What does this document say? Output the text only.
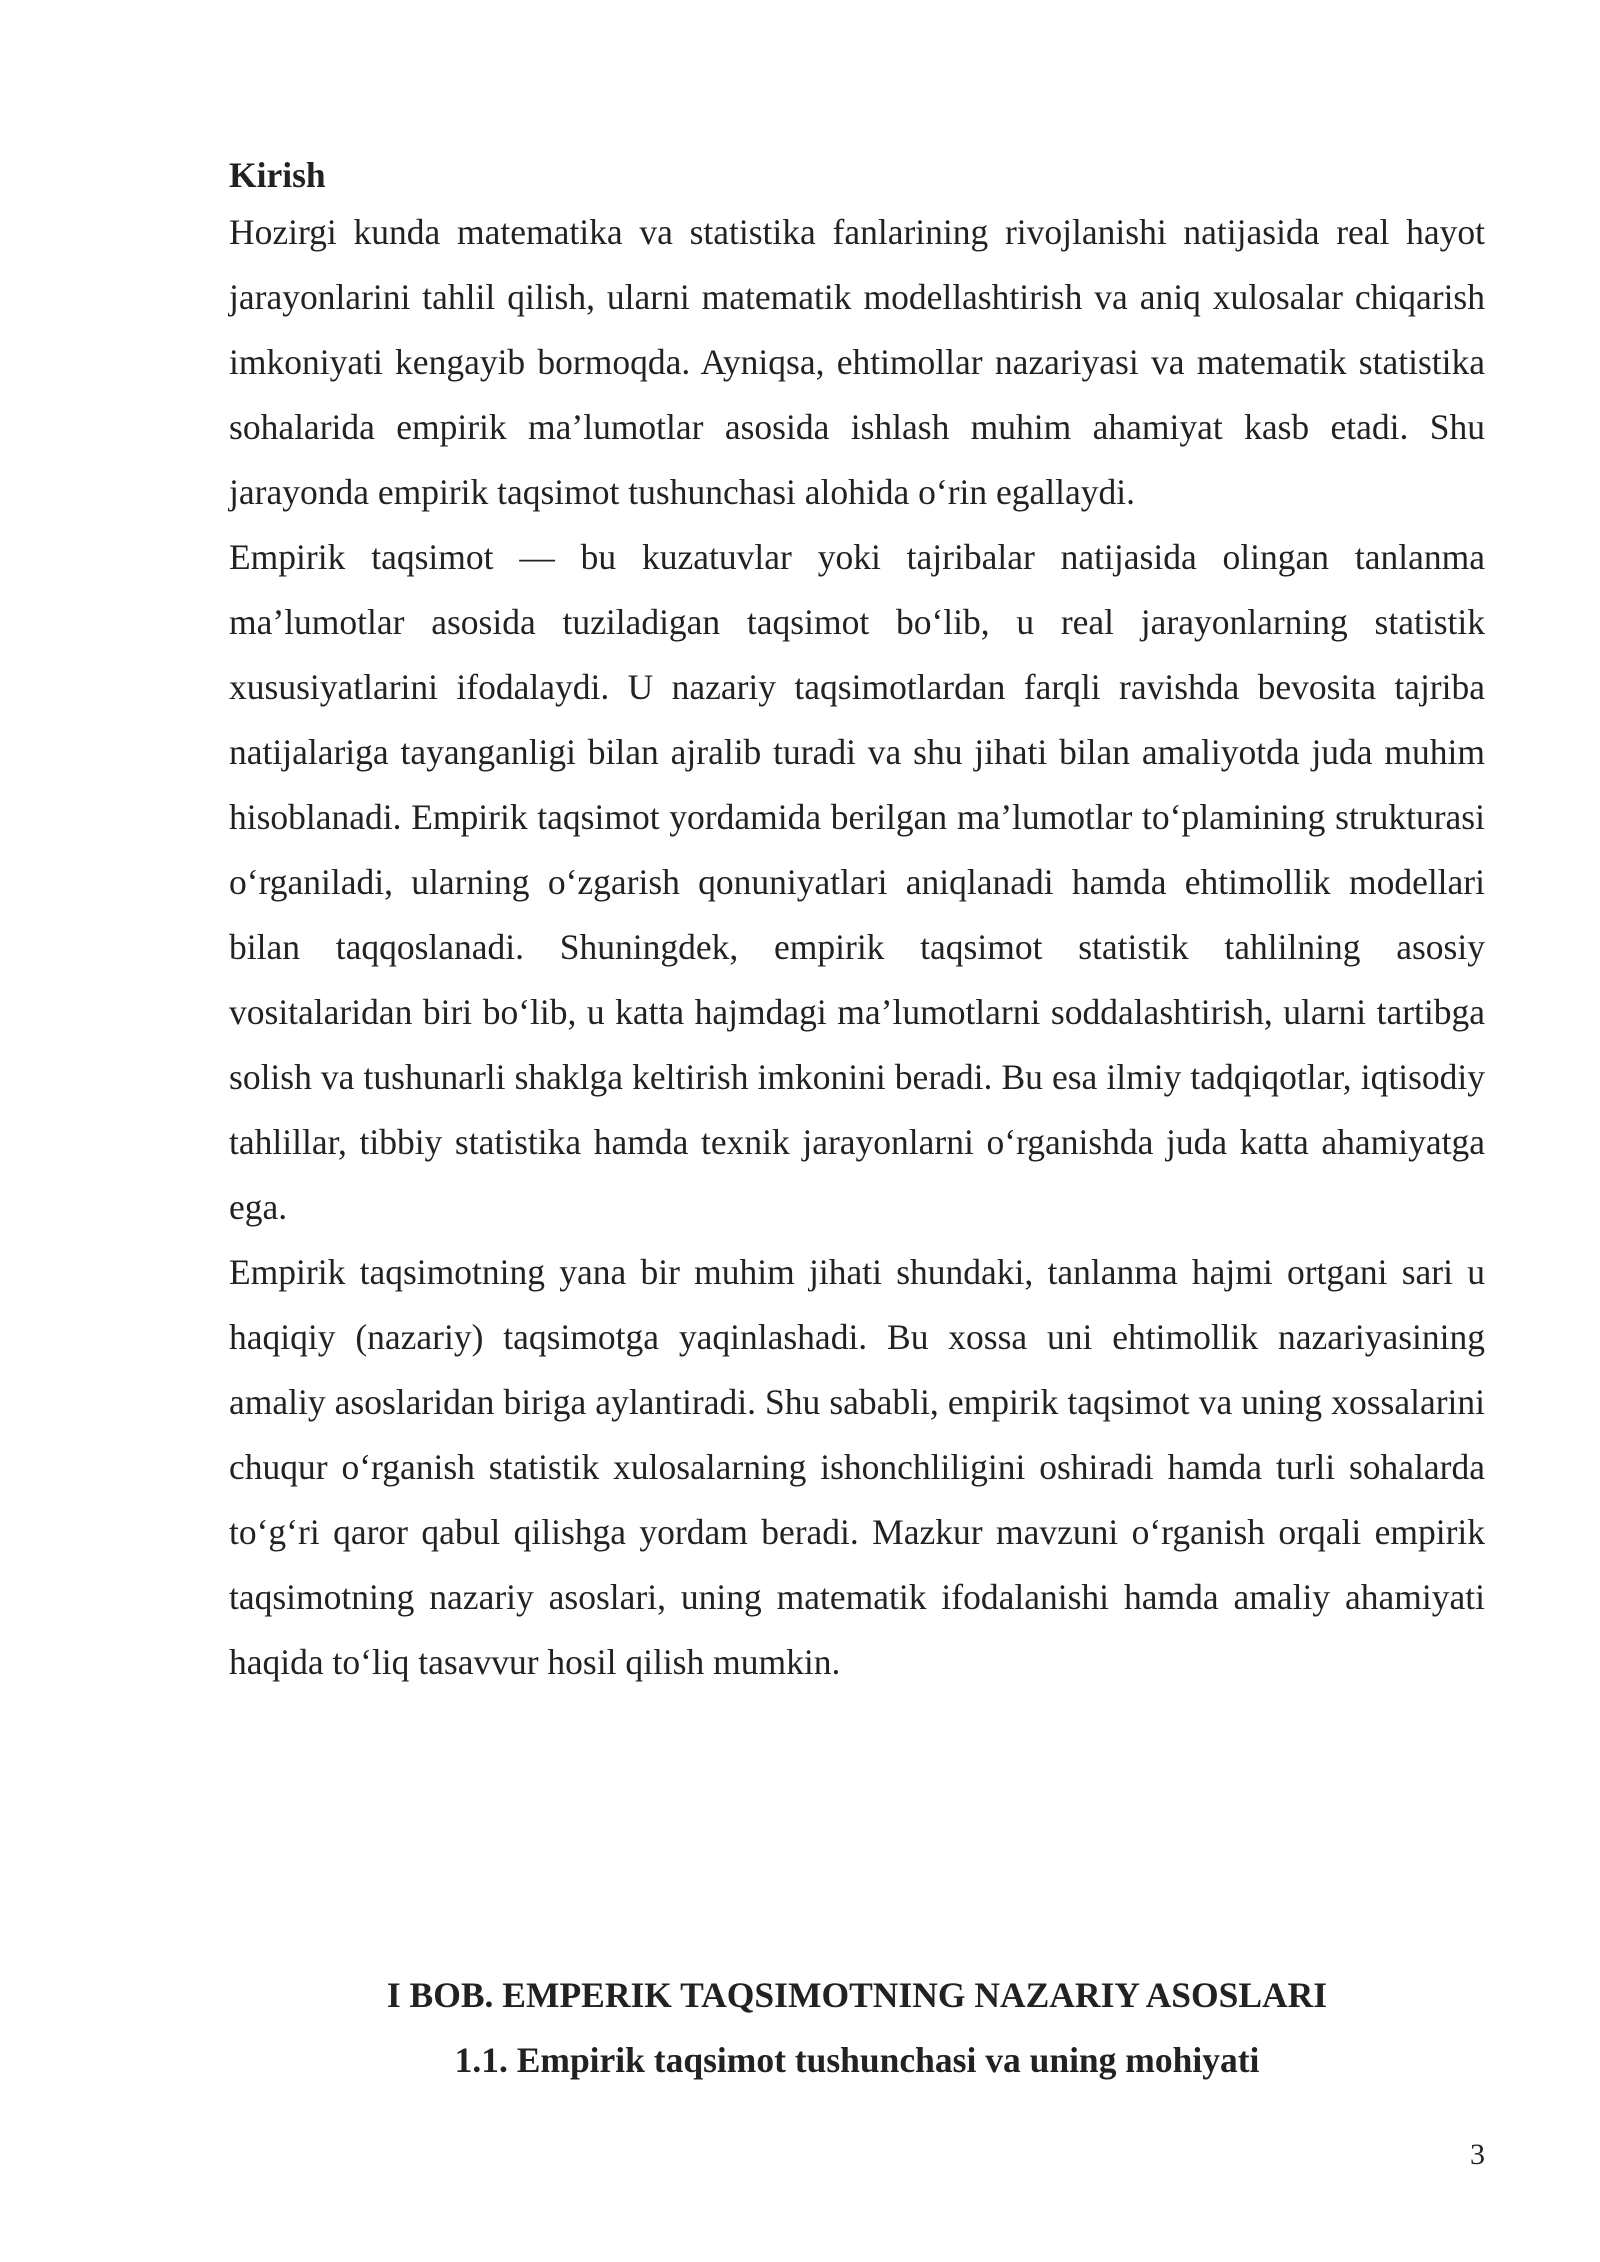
Kirish

Hozirgi kunda matematika va statistika fanlarining rivojlanishi natijasida real hayot jarayonlarini tahlil qilish, ularni matematik modellashtirish va aniq xulosalar chiqarish imkoniyati kengayib bormoqda. Ayniqsa, ehtimollar nazariyasi va matematik statistika sohalarida empirik ma’lumotlar asosida ishlash muhim ahamiyat kasb etadi. Shu jarayonda empirik taqsimot tushunchasi alohida o‘rin egallaydi.

Empirik taqsimot — bu kuzatuvlar yoki tajribalar natijasida olingan tanlanma ma’lumotlar asosida tuziladigan taqsimot bo‘lib, u real jarayonlarning statistik xususiyatlarini ifodalaydi. U nazariy taqsimotlardan farqli ravishda bevosita tajriba natijalariga tayanganligi bilan ajralib turadi va shu jihati bilan amaliyotda juda muhim hisoblanadi. Empirik taqsimot yordamida berilgan ma’lumotlar to‘plamining strukturasi o‘rganiladi, ularning o‘zgarish qonuniyatlari aniqlanadi hamda ehtimollik modellari bilan taqqoslanadi. Shuningdek, empirik taqsimot statistik tahlilning asosiy vositalaridan biri bo‘lib, u katta hajmdagi ma’lumotlarni soddalashtirish, ularni tartibga solish va tushunarli shaklga keltirish imkonini beradi. Bu esa ilmiy tadqiqotlar, iqtisodiy tahlillar, tibbiy statistika hamda texnik jarayonlarni o‘rganishda juda katta ahamiyatga ega.

Empirik taqsimotning yana bir muhim jihati shundaki, tanlanma hajmi ortgani sari u haqiqiy (nazariy) taqsimotga yaqinlashadi. Bu xossa uni ehtimollik nazariyasining amaliy asoslaridan biriga aylantiradi. Shu sababli, empirik taqsimot va uning xossalarini chuqur o‘rganish statistik xulosalarning ishonchliligini oshiradi hamda turli sohalarda to‘g‘ri qaror qabul qilishga yordam beradi. Mazkur mavzuni o‘rganish orqali empirik taqsimotning nazariy asoslari, uning matematik ifodalanishi hamda amaliy ahamiyati haqida to‘liq tasavvur hosil qilish mumkin.

I BOB. EMPERIK TAQSIMOTNING NAZARIY ASOSLARI

1.1. Empirik taqsimot tushunchasi va uning mohiyati

3
